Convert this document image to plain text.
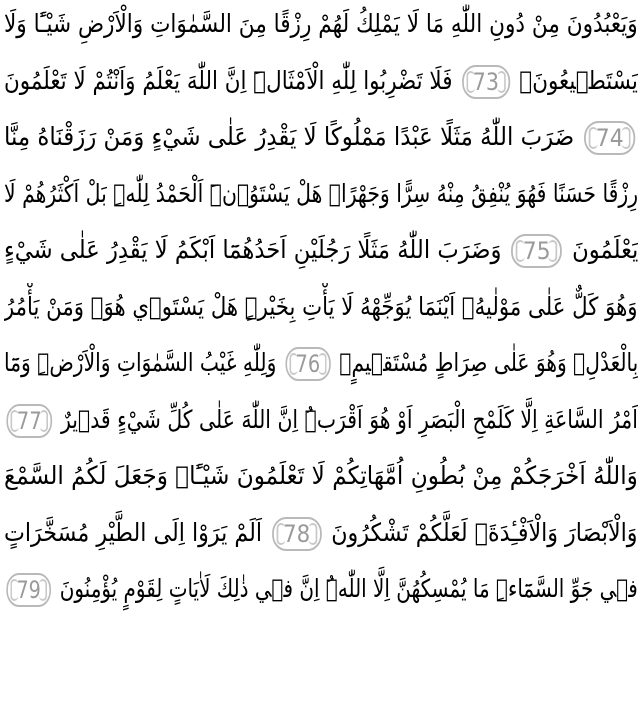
وَيَعْبُدُونَ مِنْ دُونِ اللّٰهِ مَا لَا يَمْلِكُ لَهُمْ رِزْقًا مِنَ السَّمٰوَاتِ وَالْاَرْضِ شَيْـًٔا وَلَا
يَسْتَطٖيعُونَۚ
73
فَلَا تَضْرِبُوا لِلّٰهِ الْاَمْثَالَۜ اِنَّ اللّٰهَ يَعْلَمُ وَاَنْتُمْ لَا تَعْلَمُونَ
74
ضَرَبَ اللّٰهُ مَثَلًا عَبْدًا مَمْلُوكًا لَا يَقْدِرُ عَلٰى شَيْءٍ وَمَنْ رَزَقْنَاهُ مِنَّا
رِزْقًا حَسَنًا فَهُوَ يُنْفِقُ مِنْهُ سِرًّا وَجَهْرًاۜ هَلْ يَسْتَوُ۫نَۜ اَلْحَمْدُ لِلّٰهِۜ بَلْ اَكْثَرُهُمْ لَا
يَعْلَمُونَ
75
وَضَرَبَ اللّٰهُ مَثَلًا رَجُلَيْنِ اَحَدُهُمَٓا اَبْكَمُ لَا يَقْدِرُ عَلٰى شَيْءٍ
وَهُوَ كَلٌّ عَلٰى مَوْلٰيهُۙ اَيْنَمَا يُوَجِّهْهُ لَا يَأْتِ بِخَيْرٍۜ هَلْ يَسْتَوٖي هُوَۙ وَمَنْ يَأْمُرُ
بِالْعَدْلِۙ وَهُوَ عَلٰى صِرَاطٍ مُسْتَقٖيمٍ۟
76
وَلِلّٰهِ غَيْبُ السَّمٰوَاتِ وَالْاَرْضِۜ وَمَٓا
اَمْرُ السَّاعَةِ اِلَّا كَلَمْحِ الْبَصَرِ اَوْ هُوَ اَقْرَبُۜ اِنَّ اللّٰهَ عَلٰى كُلِّ شَيْءٍ قَدٖيرٌ
77
وَاللّٰهُ اَخْرَجَكُمْ مِنْ بُطُونِ اُمَّهَاتِكُمْ لَا تَعْلَمُونَ شَيْـًٔاۙ وَجَعَلَ لَكُمُ السَّمْعَ
وَالْاَبْصَارَ وَالْاَفْـِٔدَةَۙ لَعَلَّكُمْ تَشْكُرُونَ
78
اَلَمْ يَرَوْا اِلَى الطَّيْرِ مُسَخَّرَاتٍ
فٖي جَوِّ السَّمَٓاءِۜ مَا يُمْسِكُهُنَّ اِلَّا اللّٰهُۜ اِنَّ فٖي ذٰلِكَ لَاٰيَاتٍ لِقَوْمٍ يُؤْمِنُونَ
79
